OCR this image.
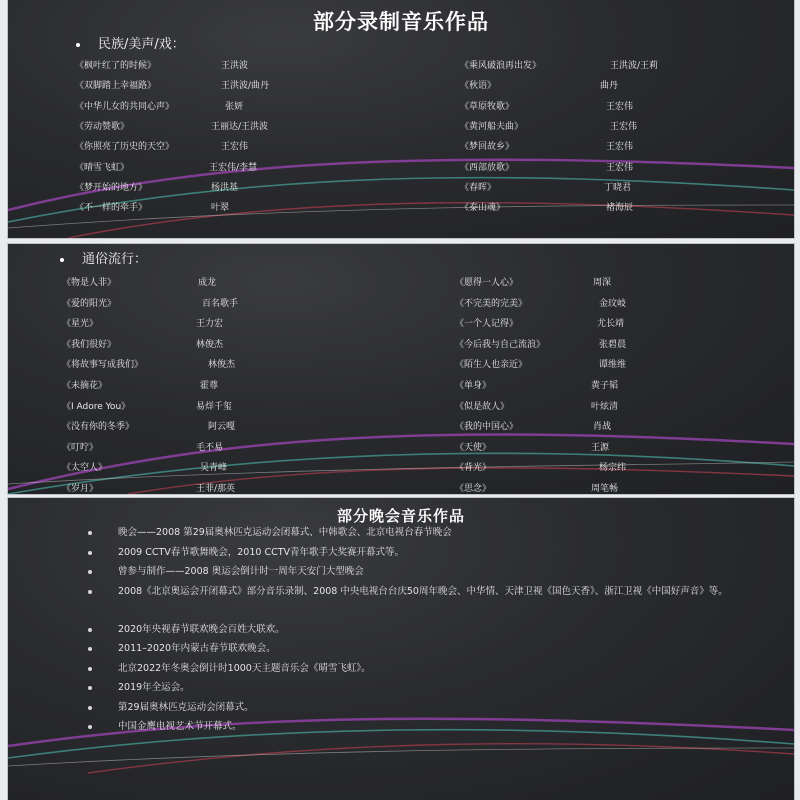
部分录制音乐作品
民族/美声/戏：
《枫叶红了的时候》	王洪波
《双脚踏上幸福路》	王洪波/曲丹
《中华儿女的共同心声》	张妍
《劳动赞歌》	王丽达/王洪波
《你照亮了历史的天空》	王宏伟
《晴雪飞虹》	王宏伟/李慧
《梦开始的地方》	杨洪基
《不一样的牵手》	叶翠
《乘风破浪再出发》	王洪波/王莉
《秋语》	曲丹
《草原牧歌》	王宏伟
《黄河船夫曲》	王宏伟
《梦回故乡》	王宏伟
《西部放歌》	王宏伟
《春晖》	丁晓君
《泰山魂》	褚海辰
通俗流行：
《物是人非》	成龙
《爱的阳光》	百名歌手
《星光》	王力宏
《我们很好》	林俊杰
《将故事写成我们》	林俊杰
《未摘花》	霍尊
《I Adore You》	易烊千玺
《没有你的冬季》	阿云嘎
《叮咛》	毛不易
《太空人》	吴青峰
《岁月》	王菲/那英
《愿得一人心》	周深
《不完美的完美》	金玟岐
《一个人记得》	尤长靖
《今后我与自己流浪》	张碧晨
《陌生人也亲近》	谭维维
《单身》	黄子韬
《似是故人》	叶炫清
《我的中国心》	肖战
《天使》	王源
《背光》	杨宗纬
《思念》	周笔畅
部分晚会音乐作品
晚会——2008 第29届奥林匹克运动会闭幕式、中韩歌会、北京电视台春节晚会
2009 CCTV春节歌舞晚会，2010 CCTV青年歌手大奖赛开幕式等。
曾参与制作——2008 奥运会倒计时一周年天安门大型晚会
2008《北京奥运会开闭幕式》部分音乐录制、2008 中央电视台台庆50周年晚会、中华情、天津卫视《国色天香》、浙江卫视《中国好声音》等。
2020年央视春节联欢晚会百姓大联欢。
2011–2020年内蒙古春节联欢晚会。
北京2022年冬奥会倒计时1000天主题音乐会《晴雪飞虹》。
2019年全运会。
第29届奥林匹克运动会闭幕式。
中国金鹰电视艺术节开幕式。
